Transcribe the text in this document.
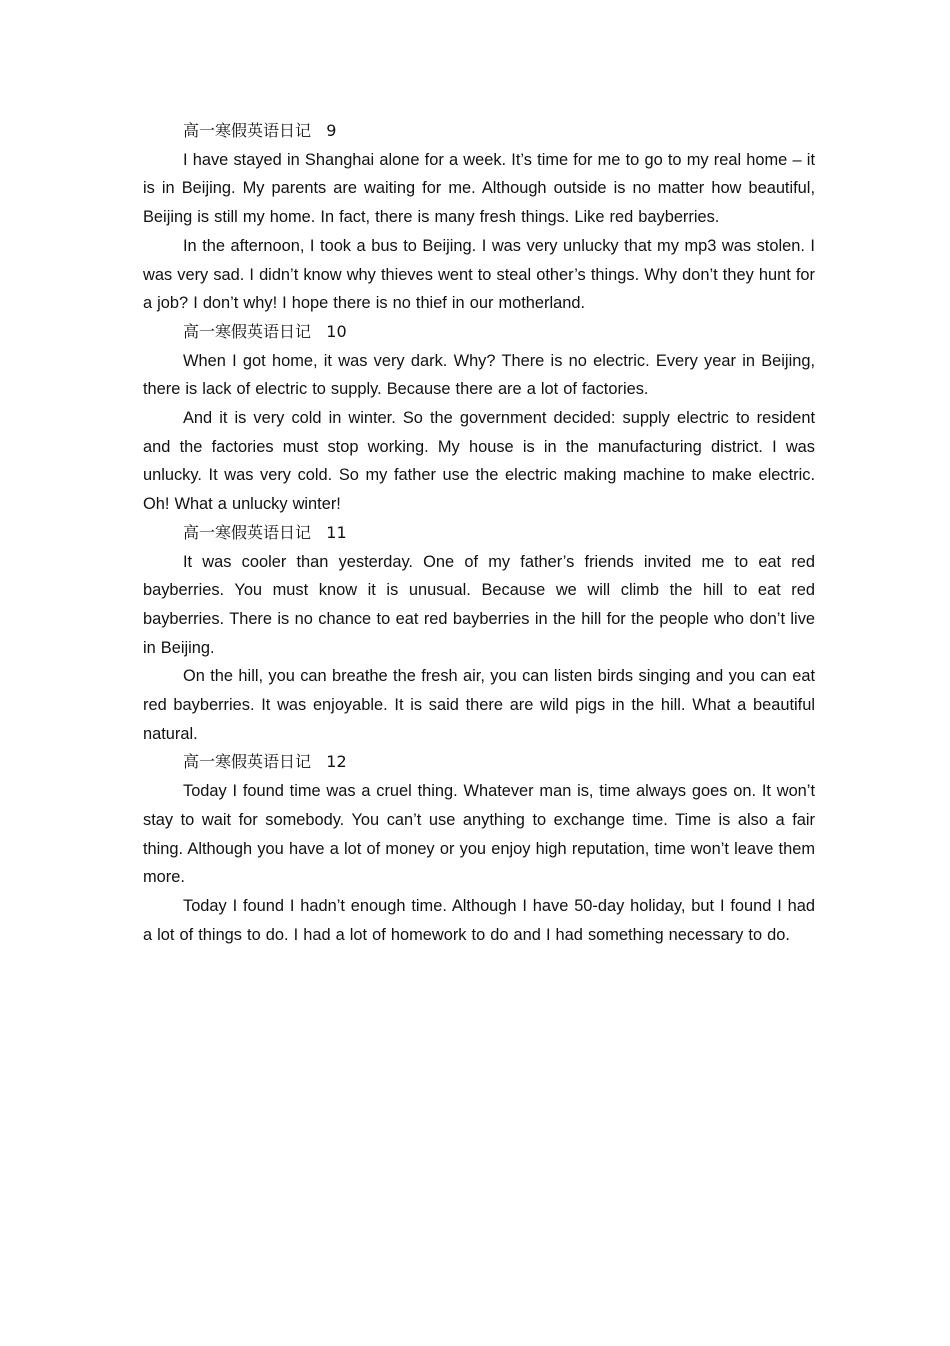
高一寒假英语日记   9

I have stayed in Shanghai alone for a week. It’s time for me to go to my real home – it is in Beijing. My parents are waiting for me. Although outside is no matter how beautiful, Beijing is still my home. In fact, there is many fresh things. Like red bayberries.

In the afternoon, I took a bus to Beijing. I was very unlucky that my mp3 was stolen. I was very sad. I didn’t know why thieves went to steal other’s things. Why don’t they hunt for a job? I don’t why! I hope there is no thief in our motherland.

高一寒假英语日记   10

When I got home, it was very dark. Why? There is no electric. Every year in Beijing, there is lack of electric to supply. Because there are a lot of factories.

And it is very cold in winter. So the government decided: supply electric to resident and the factories must stop working. My house is in the manufacturing district. I was unlucky. It was very cold. So my father use the electric making machine to make electric. Oh! What a unlucky winter!

高一寒假英语日记   11

It was cooler than yesterday. One of my father’s friends invited me to eat red bayberries. You must know it is unusual. Because we will climb the hill to eat red bayberries. There is no chance to eat red bayberries in the hill for the people who don’t live in Beijing.

On the hill, you can breathe the fresh air, you can listen birds singing and you can eat red bayberries. It was enjoyable. It is said there are wild pigs in the hill. What a beautiful natural.

高一寒假英语日记   12

Today I found time was a cruel thing. Whatever man is, time always goes on. It won’t stay to wait for somebody. You can’t use anything to exchange time. Time is also a fair thing. Although you have a lot of money or you enjoy high reputation, time won’t leave them more.

Today I found I hadn’t enough time. Although I have 50-day holiday, but I found I had a lot of things to do. I had a lot of homework to do and I had something necessary to do.
